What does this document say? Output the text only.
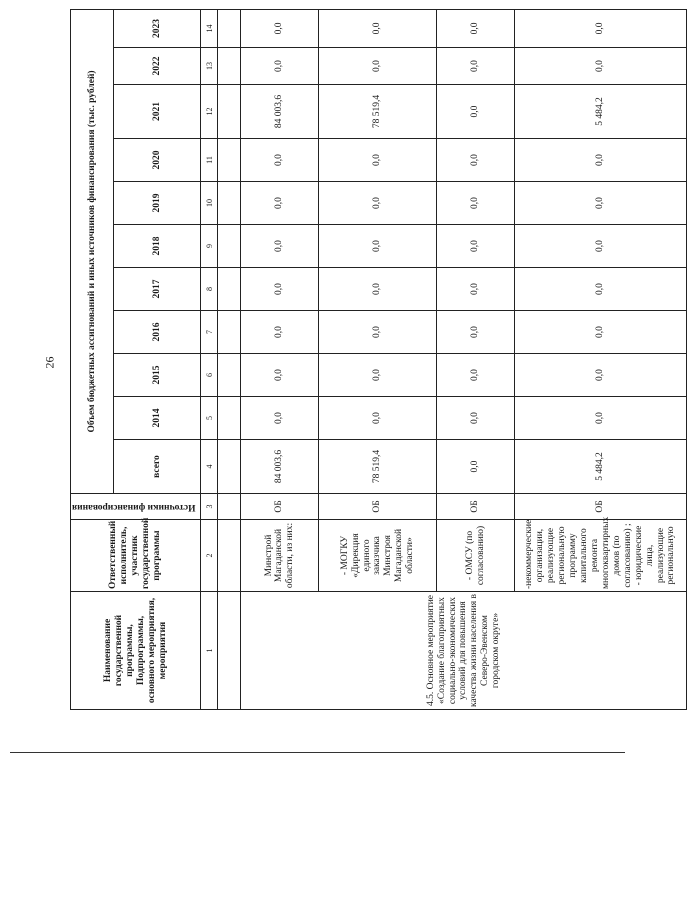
26
Наименование государственной программы, Подпрограммы, основного мероприятия, мероприятия	Ответственный исполнитель, участник государственной программы	Источники финансирования	Объем бюджетных ассигнований и иных источников финансирования (тыс. рублей)										
			всего	2014	2015	2016	2017	2018	2019	2020	2021	2022	2023
1	2	3	4	5	6	7	8	9	10	11	12	13	14

4.5. Основное мероприятие «Создание благоприятных социально-экономических условий для повышения качества жизни населения в Северо-Эвенском городском округе»	Минстрой Магаданской области, из них:	ОБ	84 003,6	0,0	0,0	0,0	0,0	0,0	0,0	0,0	84 003,6	0,0	0,0
	- МОГКУ «Дирекция единого заказчика Минстроя Магаданской области»	ОБ	78 519,4	0,0	0,0	0,0	0,0	0,0	0,0	0,0	78 519,4	0,0	0,0
	- ОМСУ (по согласованию)	ОБ	0,0	0,0	0,0	0,0	0,0	0,0	0,0	0,0	0,0	0,0	0,0
	-некоммерческие организации, реализующие региональную программу капитального ремонта многоквартирных домов (по согласованию) ; - юридические лица, реализующие региональную	ОБ	5 484,2	0,0	0,0	0,0	0,0	0,0	0,0	0,0	5 484,2	0,0	0,0
